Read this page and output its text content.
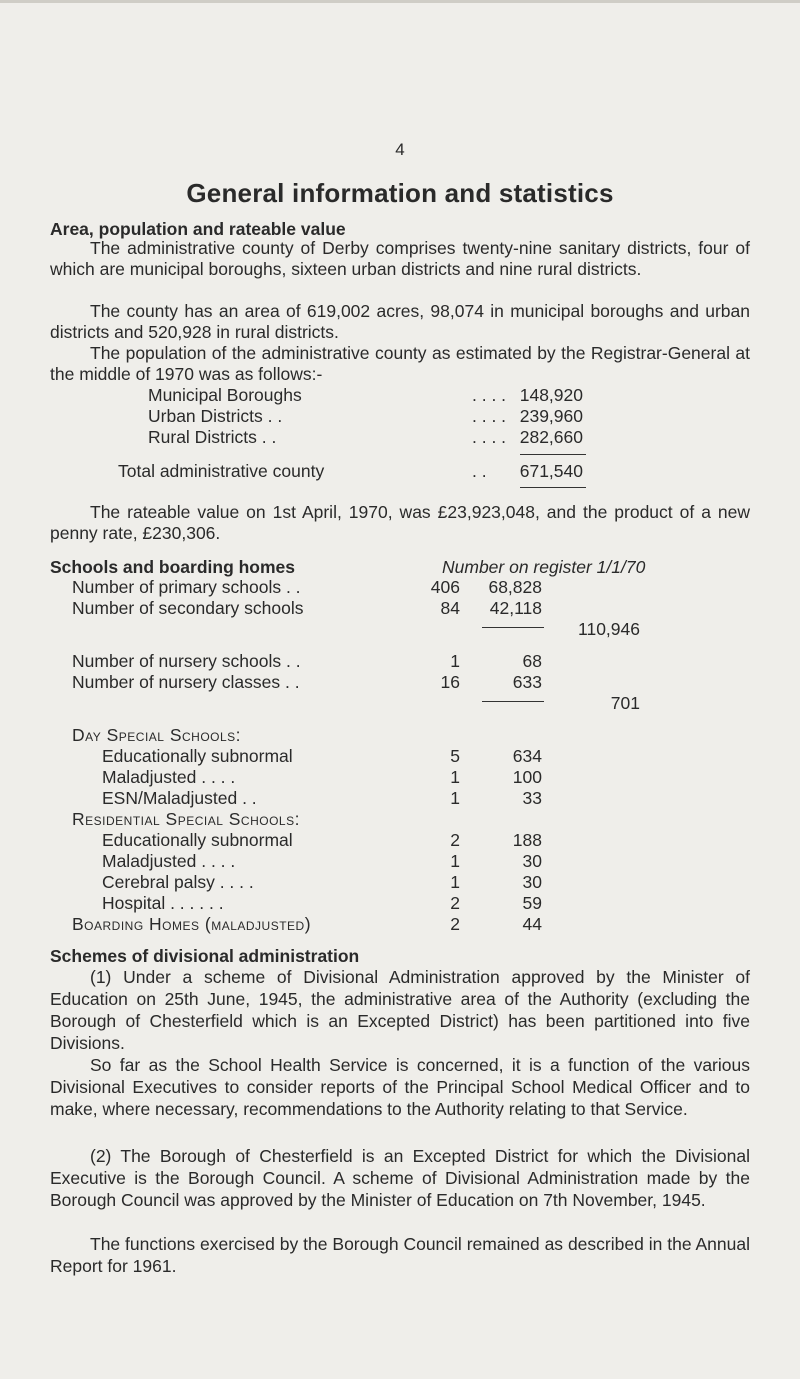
4
General information and statistics
Area, population and rateable value
The administrative county of Derby comprises twenty-nine sanitary districts, four of which are municipal boroughs, sixteen urban districts and nine rural districts.
The county has an area of 619,002 acres, 98,074 in municipal boroughs and urban districts and 520,928 in rural districts.
The population of the administrative county as estimated by the Registrar-General at the middle of 1970 was as follows:-
Municipal Boroughs	. . . . 148,920
Urban Districts . .	. . . . 239,960
Rural Districts . .	. . . . 282,660
Total administrative county	. . 671,540
The rateable value on 1st April, 1970, was £23,923,048, and the product of a new penny rate, £230,306.
Schools and boarding homes	Number on register 1/1/70
Number of primary schools . .	406 68,828
Number of secondary schools	84 42,118
110,946
Number of nursery schools . .	1	68
Number of nursery classes . .	16	633
701
Day Special Schools:
Educationally subnormal	5	634
Maladjusted . . . .	1	100
ESN/Maladjusted . .	1	33
Residential Special Schools:
Educationally subnormal	2	188
Maladjusted . . . .	1	30
Cerebral palsy . . . .	1	30
Hospital . . . . . .	2	59
Boarding Homes (maladjusted)	2	44
Schemes of divisional administration
(1) Under a scheme of Divisional Administration approved by the Minister of Education on 25th June, 1945, the administrative area of the Authority (excluding the Borough of Chesterfield which is an Excepted District) has been partitioned into five Divisions.
So far as the School Health Service is concerned, it is a function of the various Divisional Executives to consider reports of the Principal School Medical Officer and to make, where necessary, recommendations to the Authority relating to that Service.
(2) The Borough of Chesterfield is an Excepted District for which the Divisional Executive is the Borough Council. A scheme of Divisional Administration made by the Borough Council was approved by the Minister of Education on 7th November, 1945.
The functions exercised by the Borough Council remained as described in the Annual Report for 1961.
